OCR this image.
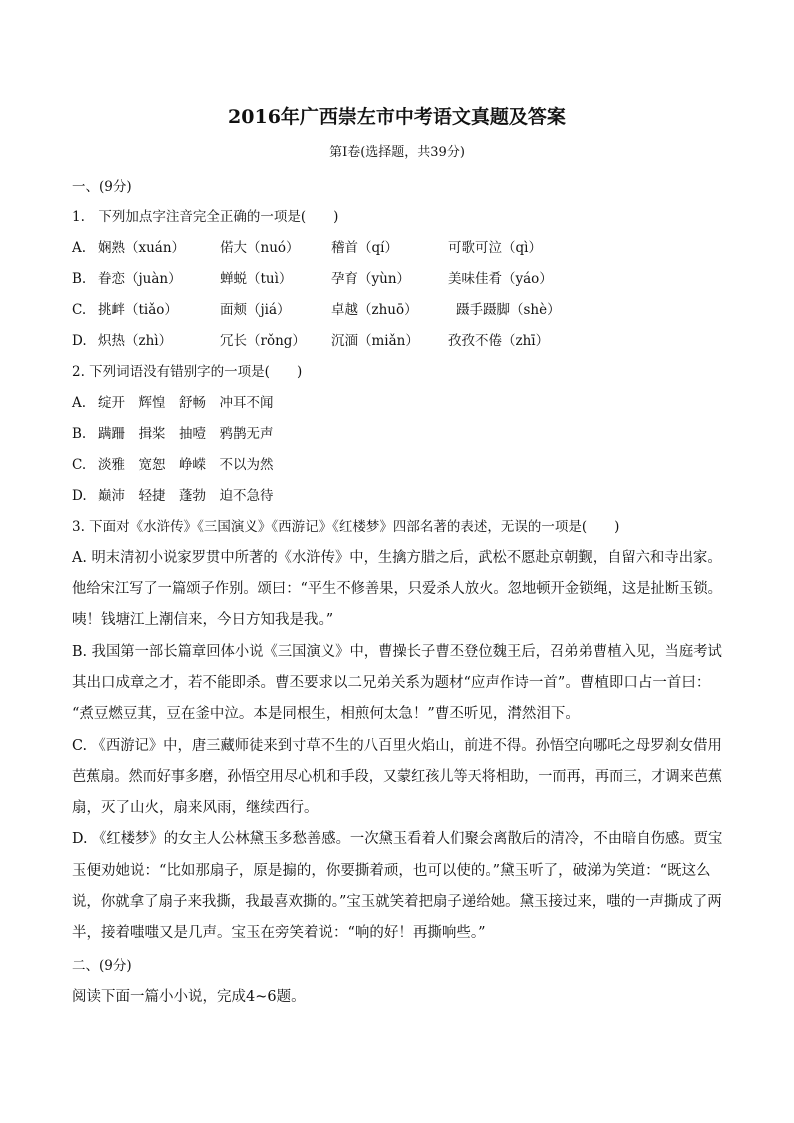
2016年广西崇左市中考语文真题及答案
第Ⅰ卷(选择题，共39分)
一、(9分)
1.　下列加点字注音完全正确的一项是(　　)
A. 娴熟（xuán）	偌大（nuó） 稽首（qí）	可歌可泣（qì）
B. 眷恋（juàn）	蝉蜕（tuì）	孕育（yùn）	美味佳肴（yáo）
C. 挑衅（tiǎo）	面颊（jiá）	卓越（zhuō）	蹑手蹑脚（shè）
D. 炽热（zhì）	冗长（rǒng） 沉湎（miǎn） 孜孜不倦（zhī）
2. 下列词语没有错别字的一项是(　　)
A. 绽开　辉惶　舒畅　冲耳不闻
B. 蹒跚　揖桨　抽噎　鸦鹊无声
C. 淡雅　宽恕　峥嵘　不以为然
D. 巅沛　轻捷　蓬勃　迫不急待
3. 下面对《水浒传》《三国演义》《西游记》《红楼梦》四部名著的表述，无误的一项是(　　)
A. 明末清初小说家罗贯中所著的《水浒传》中，生擒方腊之后，武松不愿赴京朝觐，自留六和寺出家。
他给宋江写了一篇颂子作别。颂曰：“平生不修善果，只爱杀人放火。忽地顿开金锁绳，这是扯断玉锁。
咦！钱塘江上潮信来，今日方知我是我。”
B. 我国第一部长篇章回体小说《三国演义》中，曹操长子曹丕登位魏王后，召弟弟曹植入见，当庭考试
其出口成章之才，若不能即杀。曹丕要求以二兄弟关系为题材“应声作诗一首”。曹植即口占一首曰：
“煮豆燃豆萁，豆在釜中泣。本是同根生，相煎何太急！”曹丕听见，潸然泪下。
C. 《西游记》中，唐三藏师徒来到寸草不生的八百里火焰山，前进不得。孙悟空向哪吒之母罗刹女借用
芭蕉扇。然而好事多磨，孙悟空用尽心机和手段，又蒙红孩儿等天将相助，一而再，再而三，才调来芭蕉
扇，灭了山火，扇来风雨，继续西行。
D. 《红楼梦》的女主人公林黛玉多愁善感。一次黛玉看着人们聚会离散后的清冷，不由暗自伤感。贾宝
玉便劝她说：“比如那扇子，原是搧的，你要撕着顽，也可以使的。”黛玉听了，破涕为笑道：“既这么
说，你就拿了扇子来我撕，我最喜欢撕的。”宝玉就笑着把扇子递给她。黛玉接过来，嗤的一声撕成了两
半，接着嗤嗤又是几声。宝玉在旁笑着说：“响的好！再撕响些。”
二、(9分)
阅读下面一篇小小说，完成4~6题。
